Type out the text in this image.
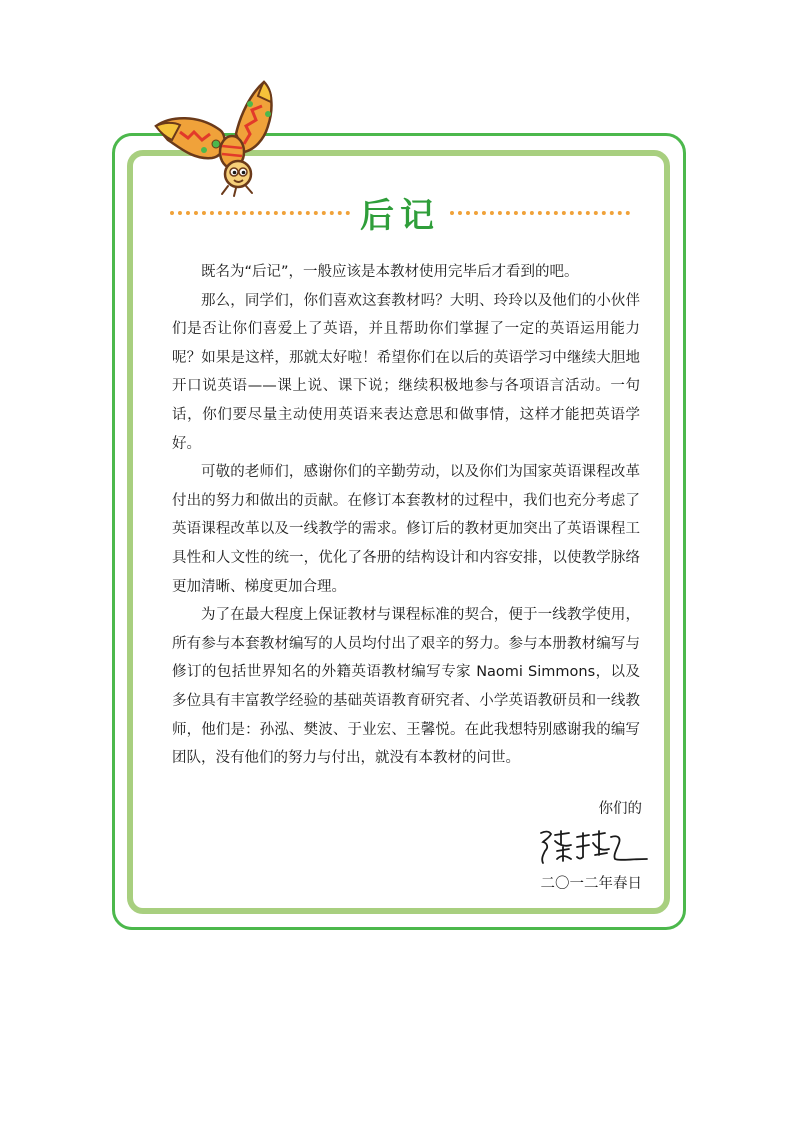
后记

既名为“后记”，一般应该是本教材使用完毕后才看到的吧。

那么，同学们，你们喜欢这套教材吗？大明、玲玲以及他们的小伙伴们是否让你们喜爱上了英语，并且帮助你们掌握了一定的英语运用能力呢？如果是这样，那就太好啦！希望你们在以后的英语学习中继续大胆地开口说英语——课上说、课下说；继续积极地参与各项语言活动。一句话，你们要尽量主动使用英语来表达意思和做事情，这样才能把英语学好。

可敬的老师们，感谢你们的辛勤劳动，以及你们为国家英语课程改革付出的努力和做出的贡献。在修订本套教材的过程中，我们也充分考虑了英语课程改革以及一线教学的需求。修订后的教材更加突出了英语课程工具性和人文性的统一，优化了各册的结构设计和内容安排，以使教学脉络更加清晰、梯度更加合理。

为了在最大程度上保证教材与课程标准的契合，便于一线教学使用，所有参与本套教材编写的人员均付出了艰辛的努力。参与本册教材编写与修订的包括世界知名的外籍英语教材编写专家 Naomi Simmons，以及多位具有丰富教学经验的基础英语教育研究者、小学英语教研员和一线教师，他们是：孙泓、樊波、于业宏、王馨悦。在此我想特别感谢我的编写团队，没有他们的努力与付出，就没有本教材的问世。

你们的
二〇一二年春日
